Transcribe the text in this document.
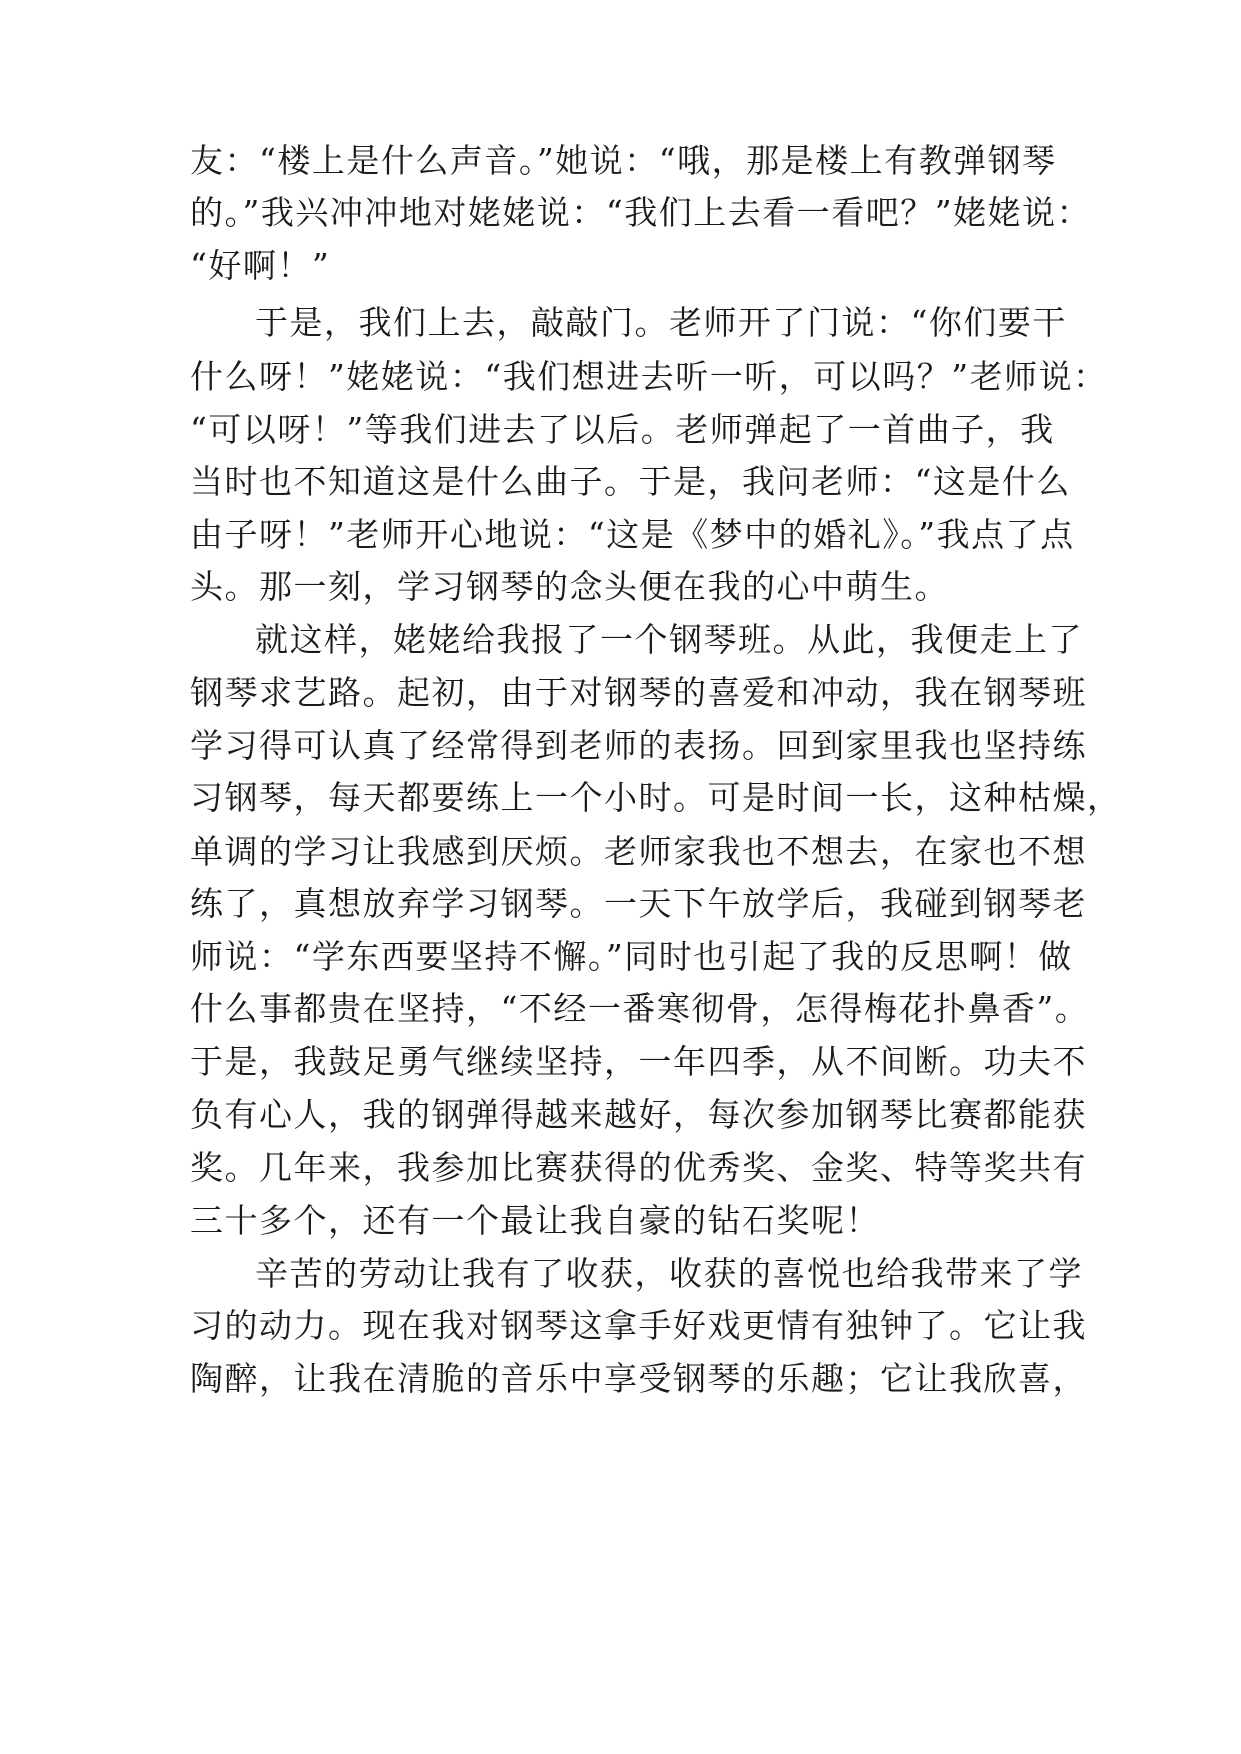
友：“楼上是什么声音。”她说：“哦，那是楼上有教弹钢琴
的。”我兴冲冲地对姥姥说：“我们上去看一看吧？”姥姥说：
“好啊！”
于是，我们上去，敲敲门。老师开了门说：“你们要干
什么呀！”姥姥说：“我们想进去听一听，可以吗？”老师说：
“可以呀！”等我们进去了以后。老师弹起了一首曲子，我
当时也不知道这是什么曲子。于是，我问老师：“这是什么
由子呀！”老师开心地说：“这是《梦中的婚礼》。”我点了点
头。那一刻，学习钢琴的念头便在我的心中萌生。
就这样，姥姥给我报了一个钢琴班。从此，我便走上了
钢琴求艺路。起初，由于对钢琴的喜爱和冲动，我在钢琴班
学习得可认真了经常得到老师的表扬。回到家里我也坚持练
习钢琴，每天都要练上一个小时。可是时间一长，这种枯燥，
单调的学习让我感到厌烦。老师家我也不想去，在家也不想
练了，真想放弃学习钢琴。一天下午放学后，我碰到钢琴老
师说：“学东西要坚持不懈。”同时也引起了我的反思啊！做
什么事都贵在坚持，“不经一番寒彻骨，怎得梅花扑鼻香”。
于是，我鼓足勇气继续坚持，一年四季，从不间断。功夫不
负有心人，我的钢弹得越来越好，每次参加钢琴比赛都能获
奖。几年来，我参加比赛获得的优秀奖、金奖、特等奖共有
三十多个，还有一个最让我自豪的钻石奖呢！
辛苦的劳动让我有了收获，收获的喜悦也给我带来了学
习的动力。现在我对钢琴这拿手好戏更情有独钟了。它让我
陶醉，让我在清脆的音乐中享受钢琴的乐趣；它让我欣喜，
